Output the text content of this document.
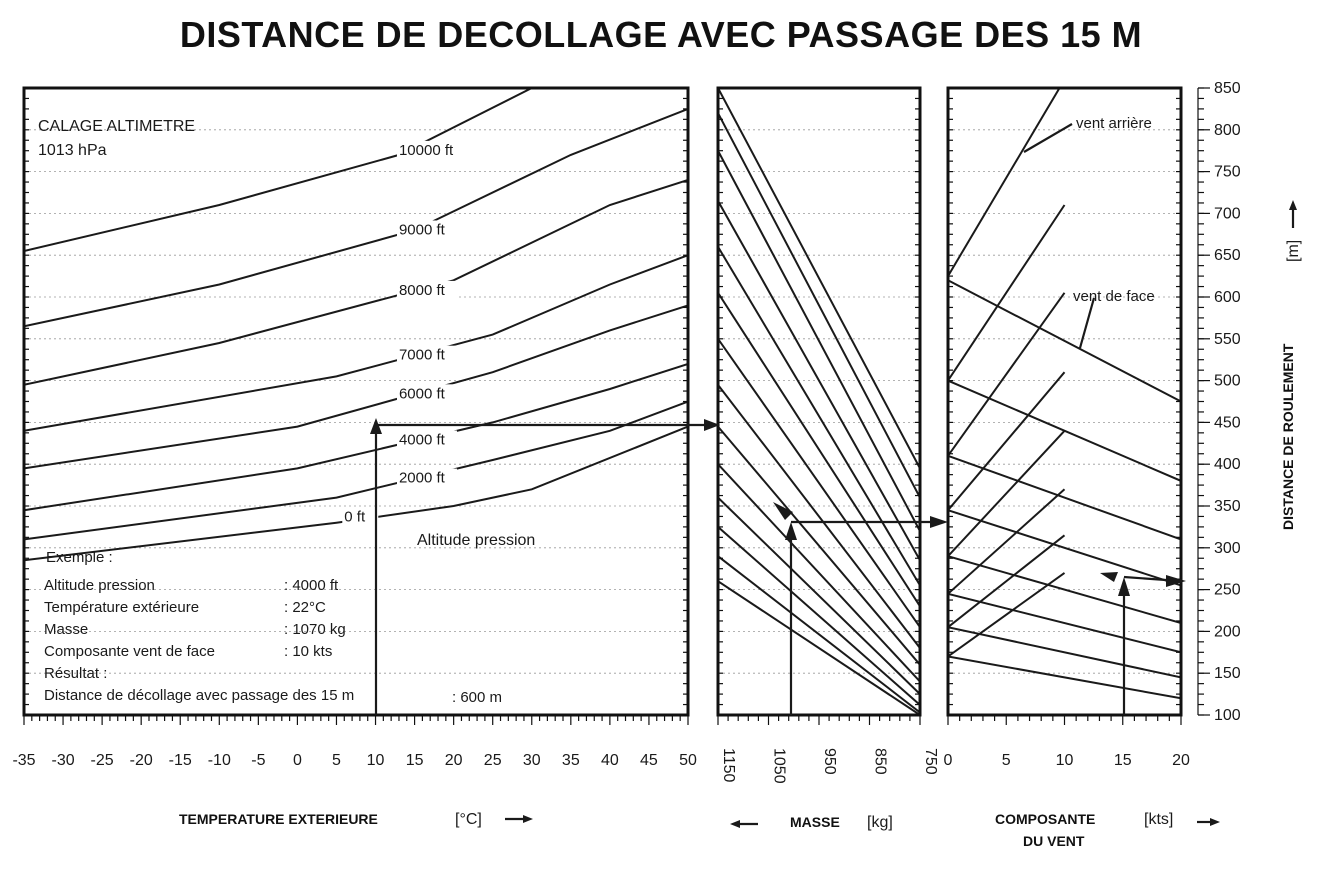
DISTANCE DE DECOLLAGE AVEC PASSAGE DES 15 M
-35 -30 -25 -20 -15 -10 -5 0 5 10 15 20 25 30 35 40 45 50 1150 1050 950 850 750 0	5	10	15	20
100
150
200
250
300
350
400
450
500
550
600
650
700
750
800
850
0 ft
2000 ft
4000 ft
6000 ft
7000 ft
8000 ft
9000 ft
10000 ft
CALAGE ALTIMETRE
1013 hPa
Altitude pression
Exemple :
Altitude pression	: 4000 ft
Température extérieure	: 22°C
Masse	: 1070 kg
Composante vent de face	: 10 kts
Résultat :
Distance de décollage avec passage des 15 m	: 600 m
vent arrière
vent de face
TEMPERATURE EXTERIEURE	[°C]	MASSE [kg]	COMPOSANTE
DU VENT
[kts]
DISTANCE DE ROULEMENT
[m]
